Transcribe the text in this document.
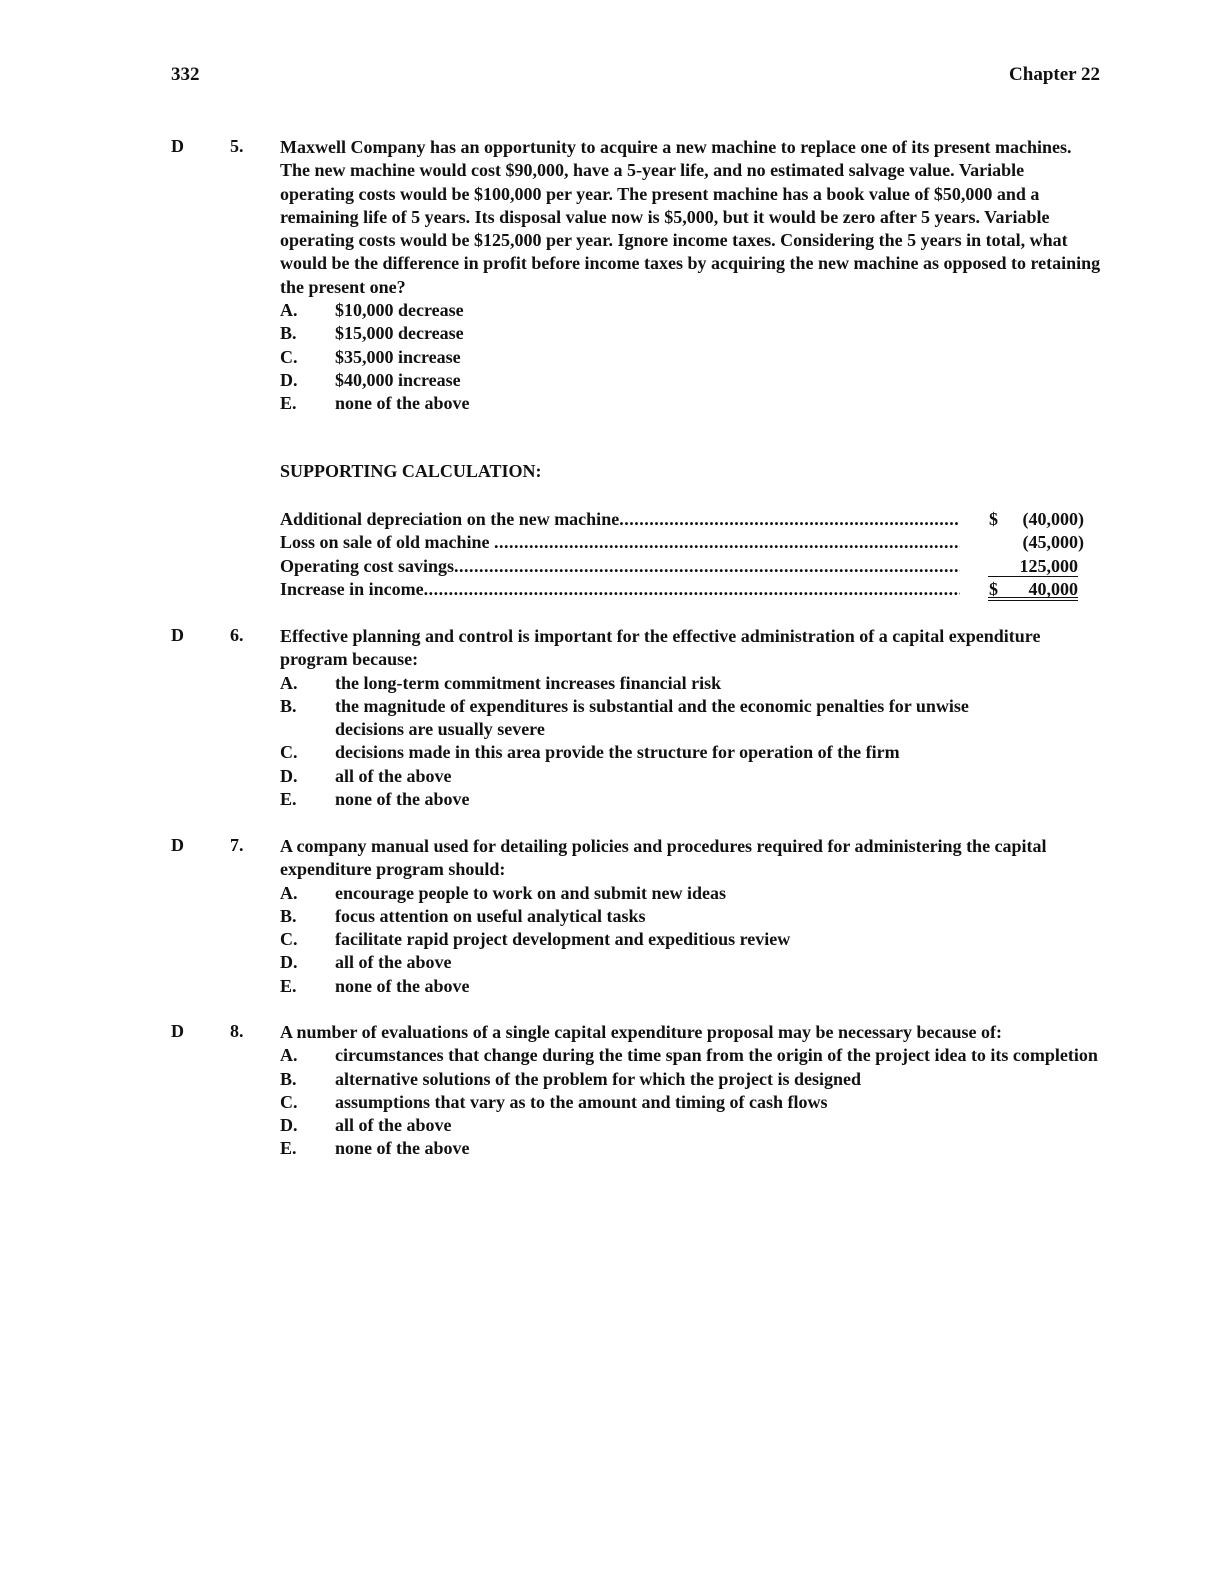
332	Chapter 22
D	5.	Maxwell Company has an opportunity to acquire a new machine to replace one of its present machines. The new machine would cost $90,000, have a 5-year life, and no estimated salvage value. Variable operating costs would be $100,000 per year. The present machine has a book value of $50,000 and a remaining life of 5 years. Its disposal value now is $5,000, but it would be zero after 5 years. Variable operating costs would be $125,000 per year. Ignore income taxes. Considering the 5 years in total, what would be the difference in profit before income taxes by acquiring the new machine as opposed to retaining the present one?
A.	$10,000 decrease
B.	$15,000 decrease
C.	$35,000 increase
D.	$40,000 increase
E.	none of the above
SUPPORTING CALCULATION:
Additional depreciation on the new machine .....	$	(40,000)
Loss on sale of old machine .....	(45,000)
Operating cost savings .....	125,000
Increase in income .....	$	40,000
D	6.	Effective planning and control is important for the effective administration of a capital expenditure program because:
A.	the long-term commitment increases financial risk
B.	the magnitude of expenditures is substantial and the economic penalties for unwise decisions are usually severe
C.	decisions made in this area provide the structure for operation of the firm
D.	all of the above
E.	none of the above
D	7.	A company manual used for detailing policies and procedures required for administering the capital expenditure program should:
A.	encourage people to work on and submit new ideas
B.	focus attention on useful analytical tasks
C.	facilitate rapid project development and expeditious review
D.	all of the above
E.	none of the above
D	8.	A number of evaluations of a single capital expenditure proposal may be necessary because of:
A.	circumstances that change during the time span from the origin of the project idea to its completion
B.	alternative solutions of the problem for which the project is designed
C.	assumptions that vary as to the amount and timing of cash flows
D.	all of the above
E.	none of the above
